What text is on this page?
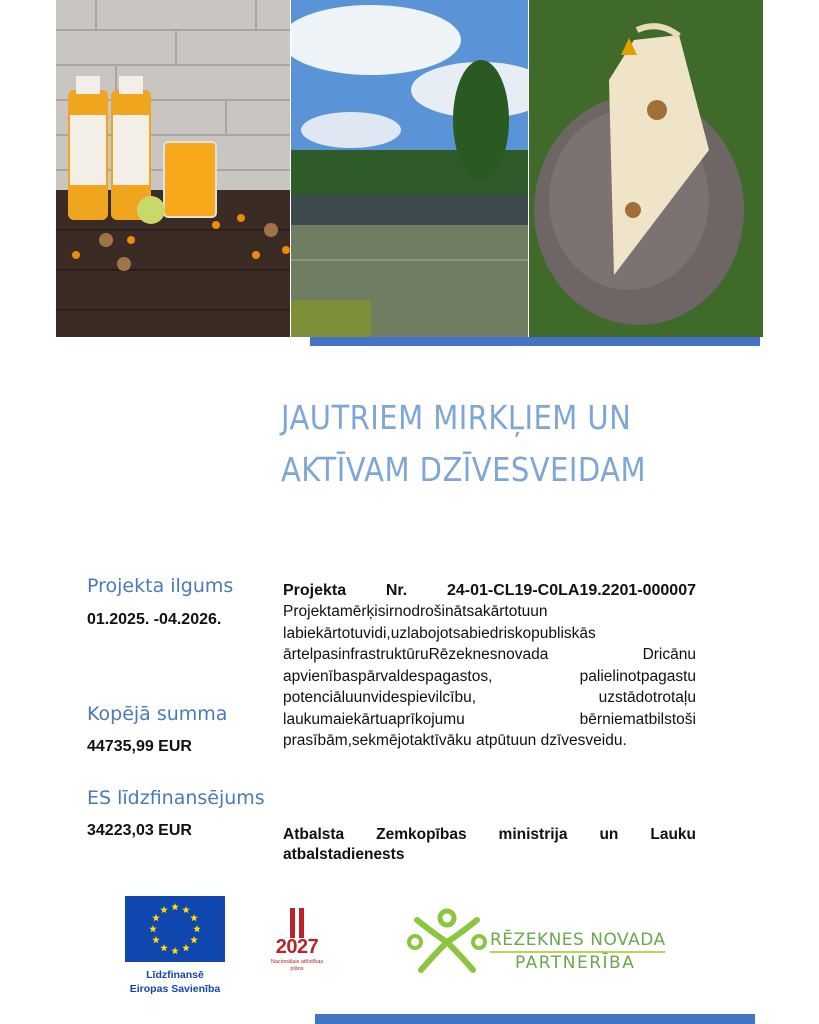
JAUTRIEM MIRKĻIEM UN
AKTĪVAM DZĪVESVEIDAM
Projekta ilgums
01.2025. -04.2026.
Kopējā summa
44735,99 EUR
ES līdzfinansējums
34223,03 EUR
Projekta Nr. 24-01-CL19-C0LA19.2201-000007
Projektamērķisirnodrošinātsakārtotuun labiekārtotuvidi,uzlabojotsabiedriskopubliskās ārtelpasinfrastruktūruRēzeknesnovada Dricānu apvienībaspārvaldespagastos, palielinotpagastu potenciāluunvidespievilcību, uzstādotrotaļu laukumaiekārtuaprīkojumu bērniematbilstoši prasībām,sekmējotaktīvāku atpūtuun dzīvesveidu.
Atbalsta Zemkopības ministrija un Lauku atbalstadienests
Līdzfinansē
Eiropas Savienība
2027
Nacionālais attīstības plāns
RĒZEKNES NOVADA
PARTNERĪBA
